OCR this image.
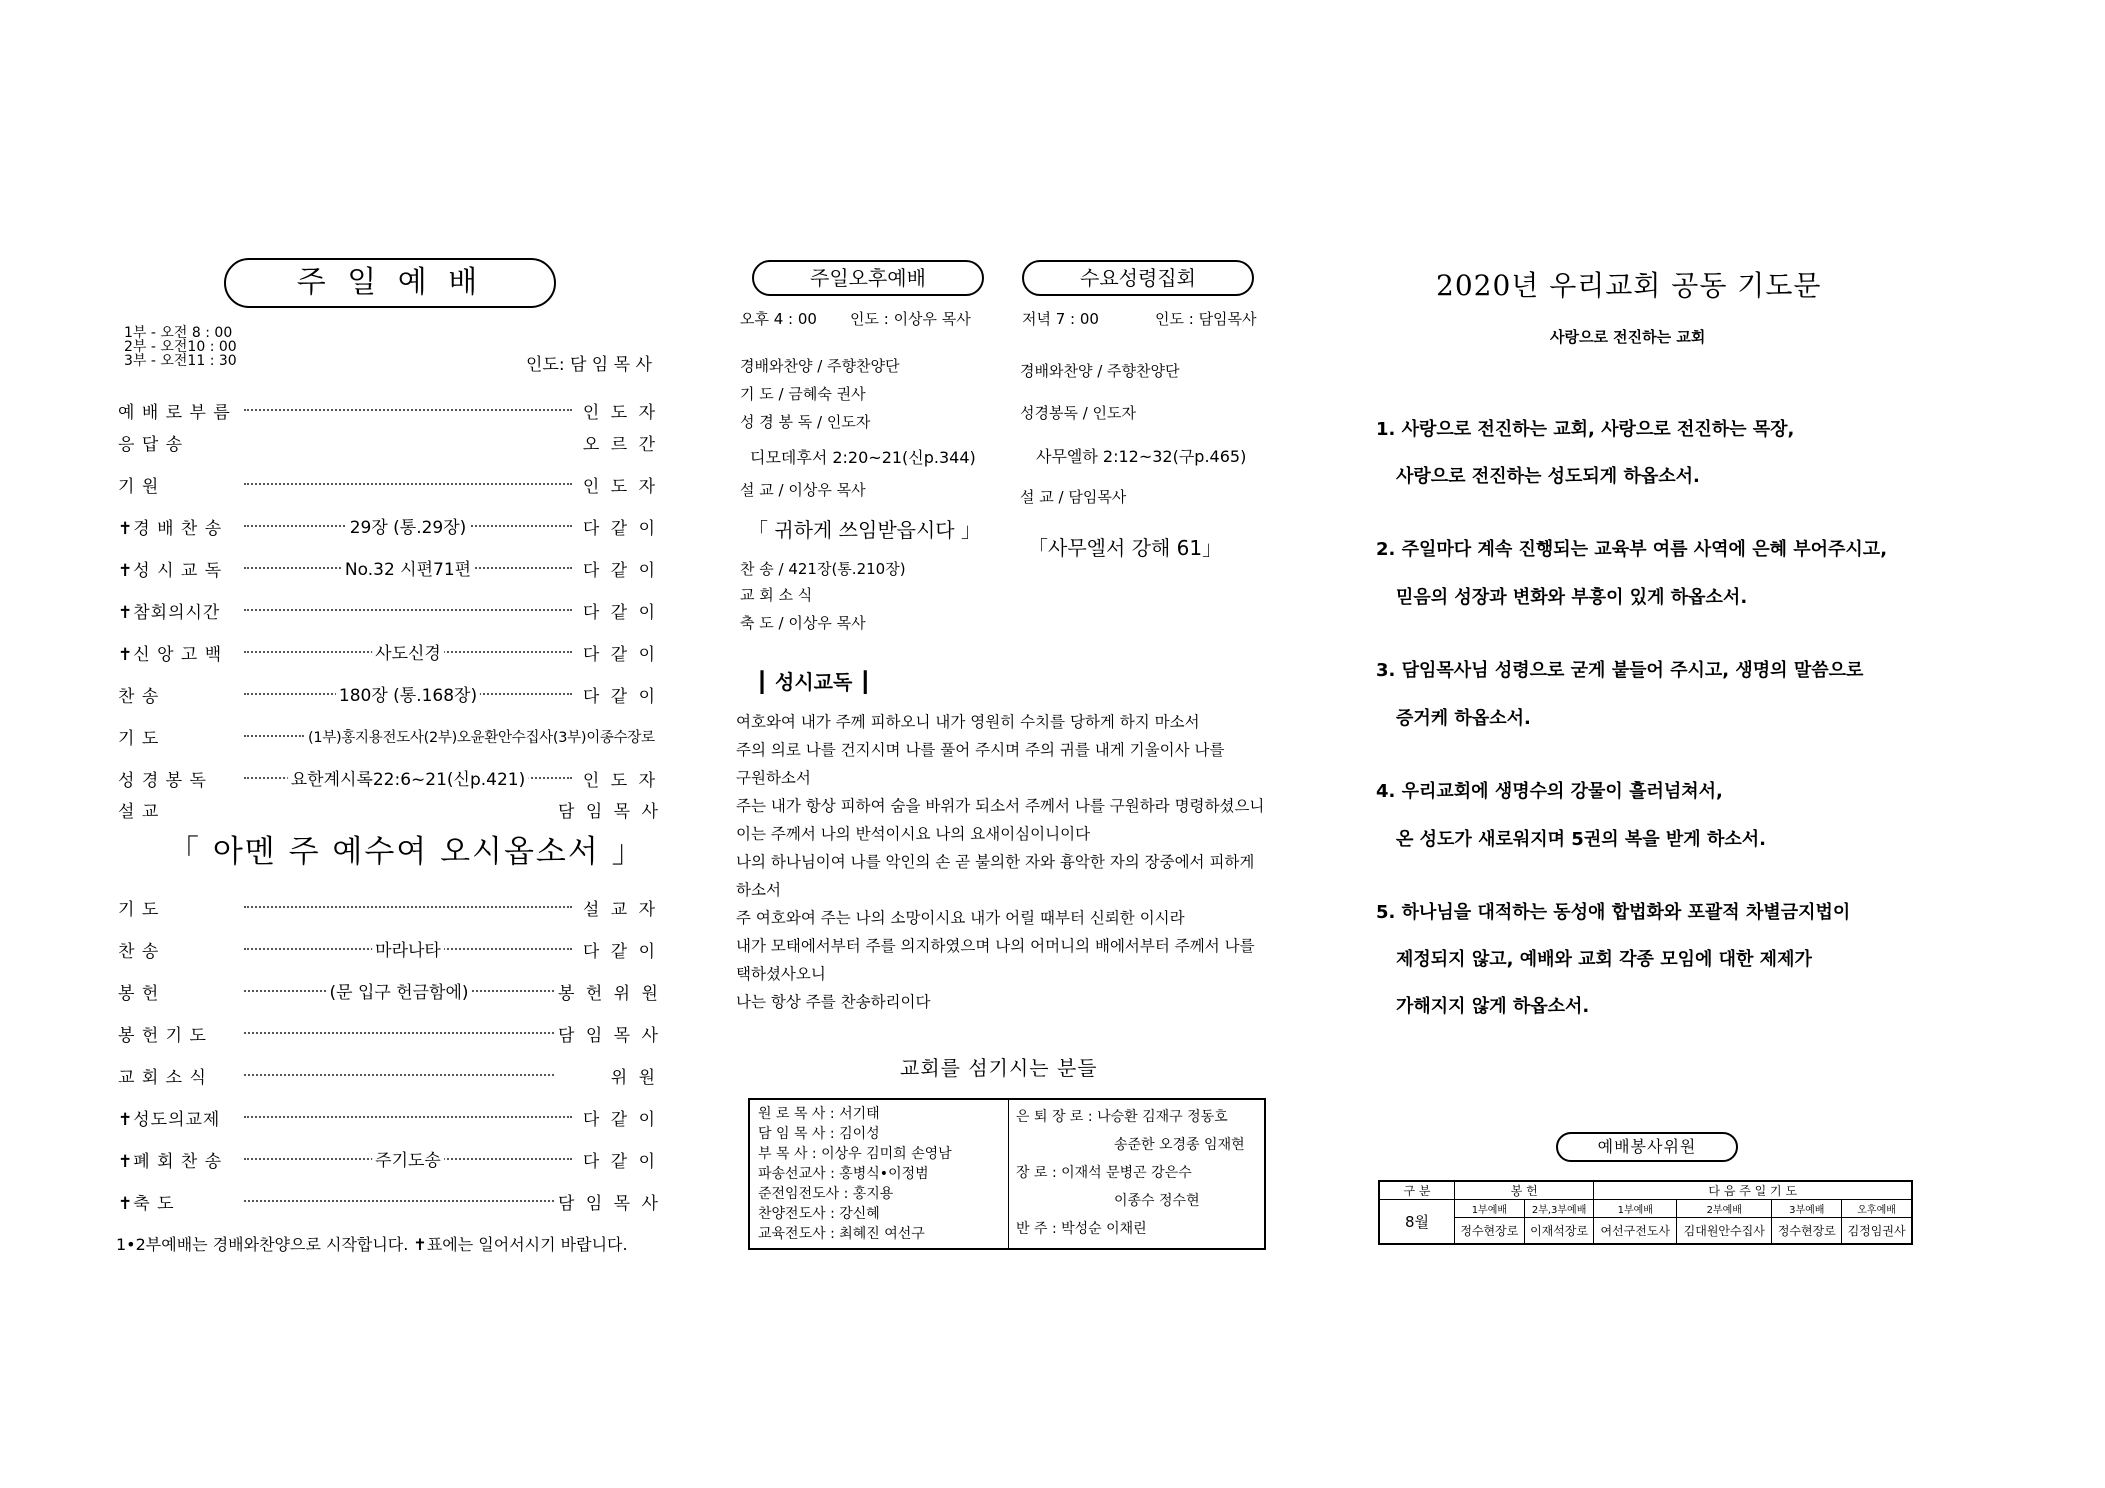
주 일 예 배
1부 - 오전 8 : 00
2부 - 오전10 : 00
3부 - 오전11 : 30	인도: 담 임 목 사
예 배 로 부 름	인 도 자
응 답 송	오 르 간
기 원	인 도 자
✝경 배 찬 송	29장 (통.29장)	다 같 이
✝성 시 교 독	No.32 시편71편	다 같 이
✝참회의시간	다 같 이
✝신 앙 고 백	사도신경	다 같 이
찬 송	180장 (통.168장)	다 같 이
기 도	(1부)홍지용전도사(2부)오윤환안수집사(3부)이종수장로
성 경 봉 독	요한계시록22:6~21(신p.421)	인 도 자
설 교	담 임 목 사
「 아멘 주 예수여 오시옵소서 」
기 도	설 교 자
찬 송	마라나타	다 같 이
봉 헌	(문 입구 헌금함에)	봉 헌 위 원
봉 헌 기 도	담 임 목 사
교 회 소 식	위 원
✝성도의교제	다 같 이
✝폐 회 찬 송	주기도송	다 같 이
✝축 도	담 임 목 사
1•2부예배는 경배와찬양으로 시작합니다. ✝표에는 일어서시기 바랍니다.
주일오후예배	수요성령집회
오후 4 : 00 인도 : 이상우 목사	저녁 7 : 00	인도 : 담임목사
경배와찬양 / 주향찬양단
기 도 / 금혜숙 권사
성 경 봉 독 / 인도자
디모데후서 2:20~21(신p.344)
설 교 / 이상우 목사
「 귀하게 쓰임받읍시다 」
찬 송 / 421장(통.210장)
교 회 소 식
축 도 / 이상우 목사
경배와찬양 / 주향찬양단
성경봉독 / 인도자
사무엘하 2:12~32(구p.465)
설 교 / 담임목사
「사무엘서 강해 61」
┃ 성시교독 ┃
여호와여 내가 주께 피하오니 내가 영원히 수치를 당하게 하지 마소서
주의 의로 나를 건지시며 나를 풀어 주시며 주의 귀를 내게 기울이사 나를
구원하소서
주는 내가 항상 피하여 숨을 바위가 되소서 주께서 나를 구원하라 명령하셨으니
이는 주께서 나의 반석이시요 나의 요새이심이니이다
나의 하나님이여 나를 악인의 손 곧 불의한 자와 흉악한 자의 장중에서 피하게
하소서
주 여호와여 주는 나의 소망이시요 내가 어릴 때부터 신뢰한 이시라
내가 모태에서부터 주를 의지하였으며 나의 어머니의 배에서부터 주께서 나를
택하셨사오니
나는 항상 주를 찬송하리이다
교회를 섬기시는 분들
원 로 목 사 : 서기태
담 임 목 사 : 김이성
부 목 사 : 이상우 김미희 손영남
파송선교사 : 홍병식•이정범
준전임전도사 : 홍지용
찬양전도사 : 강신혜
교육전도사 : 최혜진 여선구
은 퇴 장 로 : 나승환 김재구 정동호
송준한 오경종 임재현
장 로 : 이재석 문병곤 강은수
이종수 정수현
반 주 : 박성순 이채린
2020년 우리교회 공동 기도문
사랑으로 전진하는 교회
1. 사랑으로 전진하는 교회, 사랑으로 전진하는 목장,
사랑으로 전진하는 성도되게 하옵소서.
2. 주일마다 계속 진행되는 교육부 여름 사역에 은혜 부어주시고,
믿음의 성장과 변화와 부흥이 있게 하옵소서.
3. 담임목사님 성령으로 굳게 붙들어 주시고, 생명의 말씀으로
증거케 하옵소서.
4. 우리교회에 생명수의 강물이 흘러넘쳐서,
온 성도가 새로워지며 5권의 복을 받게 하소서.
5. 하나님을 대적하는 동성애 합법화와 포괄적 차별금지법이
제정되지 않고, 예배와 교회 각종 모임에 대한 제제가
가해지지 않게 하옵소서.
예배봉사위원
구 분	봉 헌		다 음 주 일 기 도			
8월	1부예배	2부,3부예배	1부예배	2부예배	3부예배	오후예배
	정수현장로	이재석장로	여선구전도사	김대원안수집사	정수현장로	김정임권사
